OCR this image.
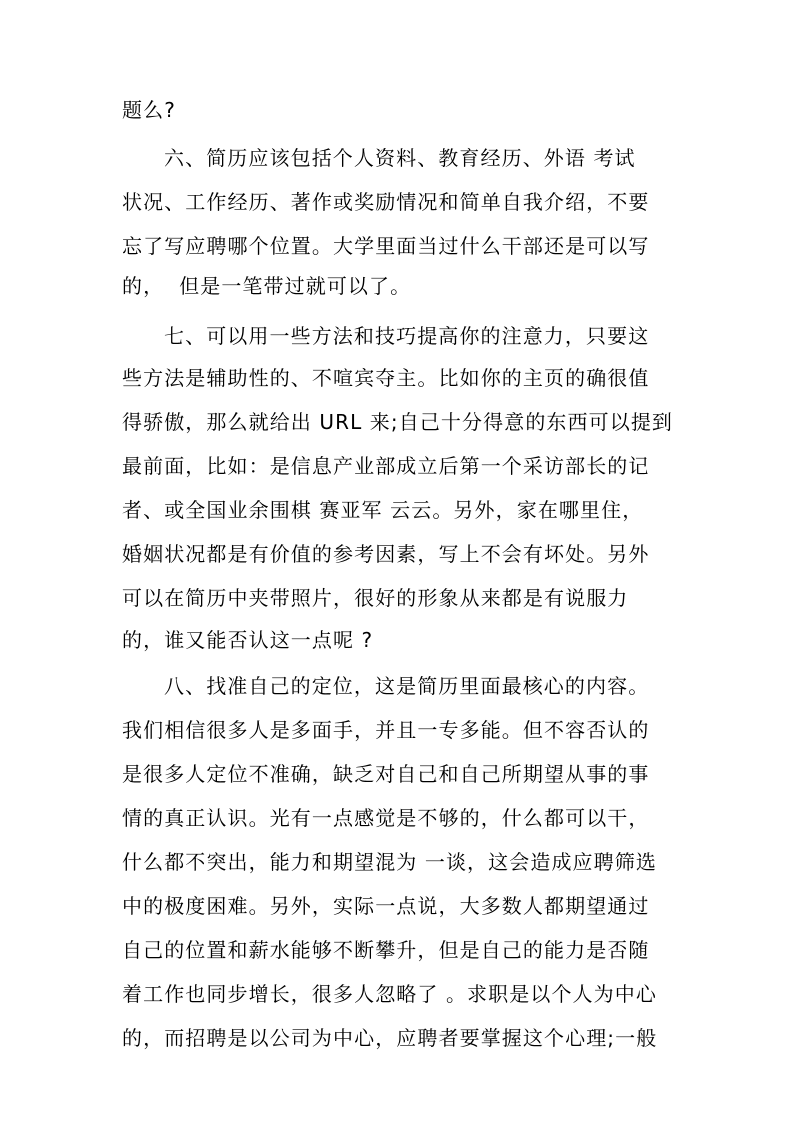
题么?
六、简历应该包括个人资料、教育经历、外语 考试
状况、工作经历、著作或奖励情况和简单自我介绍，不要
忘了写应聘哪个位置。大学里面当过什么干部还是可以写
的，  但是一笔带过就可以了。
七、可以用一些方法和技巧提高你的注意力，只要这
些方法是辅助性的、不喧宾夺主。比如你的主页的确很值
得骄傲，那么就给出 URL 来;自己十分得意的东西可以提到
最前面，比如：是信息产业部成立后第一个采访部长的记
者、或全国业余围棋 赛亚军 云云。另外，家在哪里住，
婚姻状况都是有价值的参考因素，写上不会有坏处。另外
可以在简历中夹带照片，很好的形象从来都是有说服力
的，谁又能否认这一点呢 ?
八、找准自己的定位，这是简历里面最核心的内容。
我们相信很多人是多面手，并且一专多能。但不容否认的
是很多人定位不准确，缺乏对自己和自己所期望从事的事
情的真正认识。光有一点感觉是不够的，什么都可以干，
什么都不突出，能力和期望混为 一谈，这会造成应聘筛选
中的极度困难。另外，实际一点说，大多数人都期望通过
自己的位置和薪水能够不断攀升，但是自己的能力是否随
着工作也同步增长，很多人忽略了 。求职是以个人为中心
的，而招聘是以公司为中心，应聘者要掌握这个心理;一般
